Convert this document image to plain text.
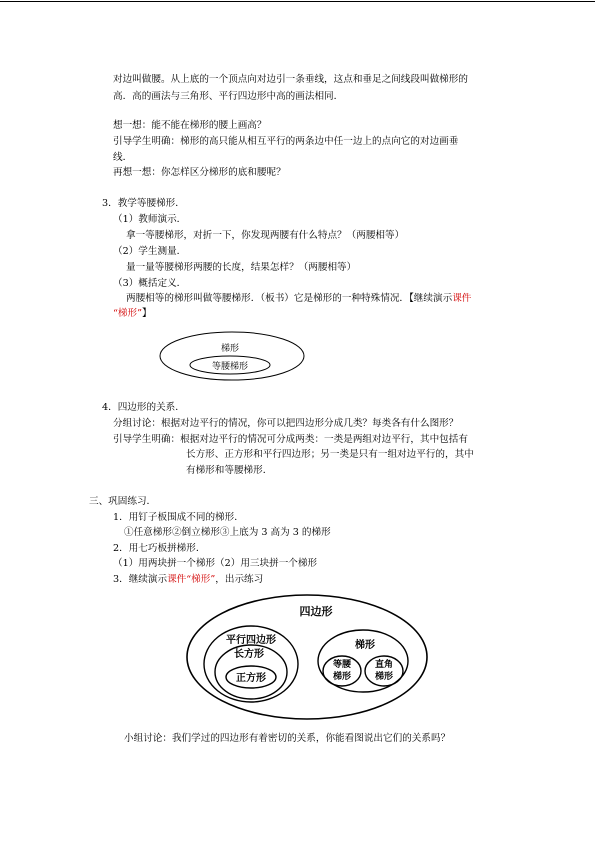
对边叫做腰。从上底的一个顶点向对边引一条垂线，这点和垂足之间线段叫做梯形的
高．高的画法与三角形、平行四边形中高的画法相同．
想一想：能不能在梯形的腰上画高？
引导学生明确：梯形的高只能从相互平行的两条边中任一边上的点向它的对边画垂
线．
再想一想：你怎样区分梯形的底和腰呢？
3．教学等腰梯形．
（1）教师演示．
拿一等腰梯形，对折一下，你发现两腰有什么特点？（两腰相等）
（2）学生测量．
量一量等腰梯形两腰的长度，结果怎样？（两腰相等）
（3）概括定义．
两腰相等的梯形叫做等腰梯形．（板书）它是梯形的一种特殊情况．【继续演示课件
“梯形”】
梯形
等腰梯形
4．四边形的关系．
分组讨论：根据对边平行的情况，你可以把四边形分成几类？每类各有什么图形？
引导学生明确：根据对边平行的情况可分成两类：一类是两组对边平行，其中包括有
长方形、正方形和平行四边形；另一类是只有一组对边平行的，其中
有梯形和等腰梯形．
三、巩固练习．
1．用钉子板围成不同的梯形．
①任意梯形②倒立梯形③上底为 3 高为 3 的梯形
2．用七巧板拼梯形．
（1）用两块拼一个梯形（2）用三块拼一个梯形
3．继续演示课件“梯形”，出示练习
四边形
平行四边形
长方形
正方形
梯形
等腰
梯形
直角
梯形
小组讨论：我们学过的四边形有着密切的关系，你能看图说出它们的关系吗？
